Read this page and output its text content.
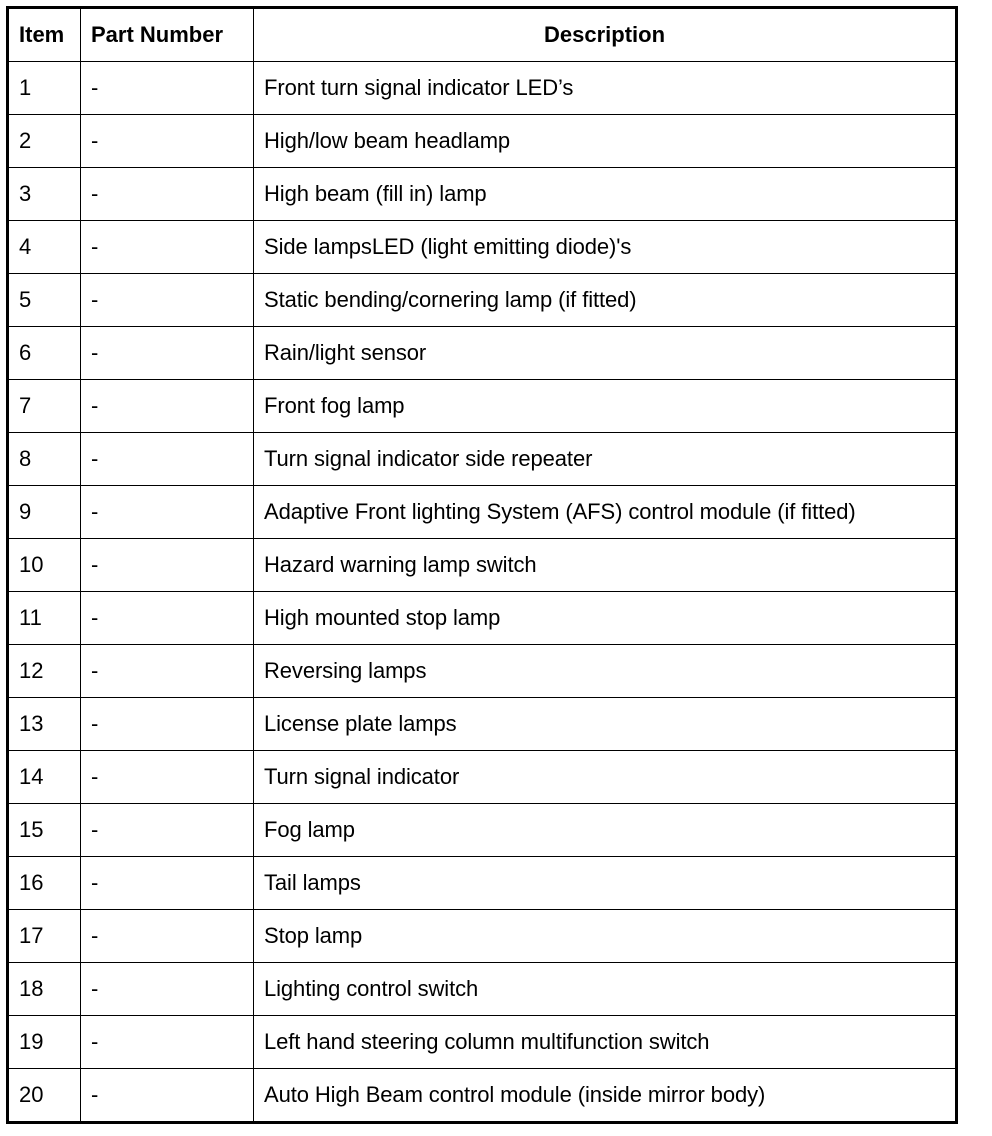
Item	Part Number	Description
1	-	Front turn signal indicator LED’s
2	-	High/low beam headlamp
3	-	High beam (fill in) lamp
4	-	Side lampsLED (light emitting diode)'s
5	-	Static bending/cornering lamp (if fitted)
6	-	Rain/light sensor
7	-	Front fog lamp
8	-	Turn signal indicator side repeater
9	-	Adaptive Front lighting System (AFS) control module (if fitted)
10	-	Hazard warning lamp switch
11	-	High mounted stop lamp
12	-	Reversing lamps
13	-	License plate lamps
14	-	Turn signal indicator
15	-	Fog lamp
16	-	Tail lamps
17	-	Stop lamp
18	-	Lighting control switch
19	-	Left hand steering column multifunction switch
20	-	Auto High Beam control module (inside mirror body)
